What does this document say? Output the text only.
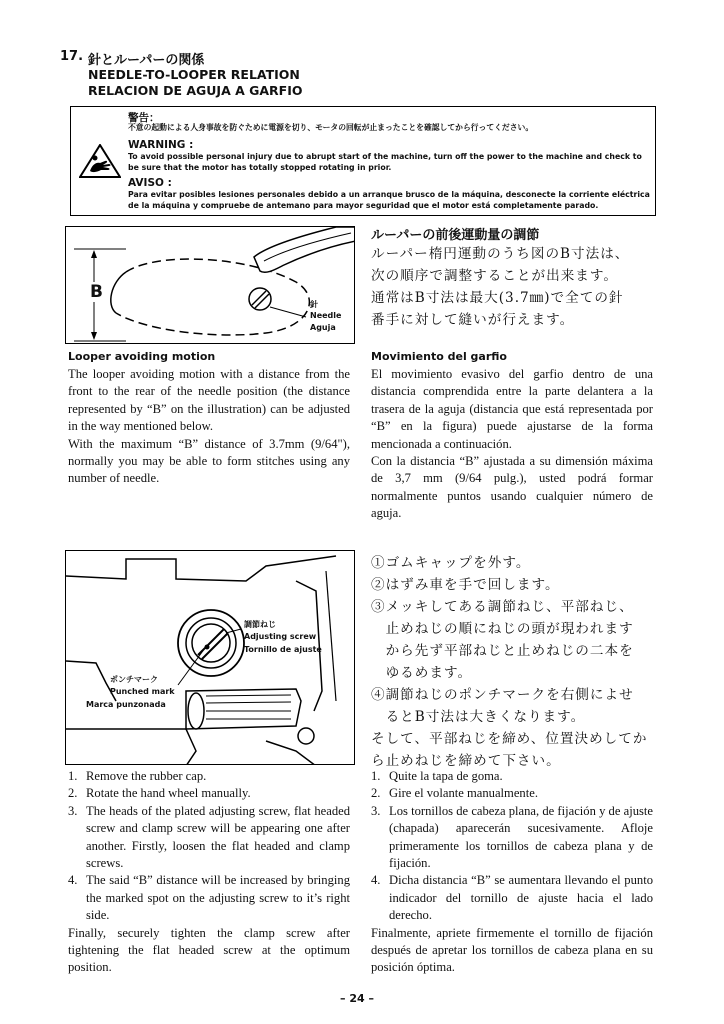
17. 針とルーパーの関係
NEEDLE-TO-LOOPER RELATION
RELACION DE AGUJA A GARFIO
警告：
不意の起動による人身事故を防ぐために電源を切り、モータの回転が止まったことを確認してから行ってください。
WARNING :
To avoid possible personal injury due to abrupt start of the machine, turn off the power to the machine and check to be sure that the motor has totally stopped rotating in prior.
AVISO :
Para evitar posibles lesiones personales debido a un arranque brusco de la máquina, desconecte la corriente eléctrica de la máquina y compruebe de antemano para mayor seguridad que el motor está completamente parado.
B
針
Needle
Aguja
ルーパーの前後運動量の調節
ルーパー楕円運動のうち図のB寸法は、
次の順序で調整することが出来ます。
通常はB寸法は最大(3.7㎜)で全ての針
番手に対して縫いが行えます。
Looper avoiding motion
The looper avoiding motion with a distance from the front to the rear of the needle position (the distance represented by “B” on the illustration) can be adjusted in the way mentioned below.
With the maximum “B” distance of 3.7mm (9/64"), normally you may be able to form stitches using any number of needle.
Movimiento del garfio
El movimiento evasivo del garfio dentro de una distancia comprendida entre la parte delantera a la trasera de la aguja (distancia que está representada por “B” en la figura) puede ajustarse de la forma mencionada a continuación.
Con la distancia “B” ajustada a su dimensión máxima de 3,7 mm (9/64 pulg.), usted podrá formar normalmente puntos usando cualquier número de aguja.
調節ねじ
Adjusting screw
Tornillo de ajuste
ポンチマーク
Punched mark
Marca punzonada
①ゴムキャップを外す。
②はずみ車を手で回します。
③メッキしてある調節ねじ、平部ねじ、
　止めねじの順にねじの頭が現われます
　から先ず平部ねじと止めねじの二本を
　ゆるめます。
④調節ねじのポンチマークを右側によせ
　るとB寸法は大きくなります。
そして、平部ねじを締め、位置決めしてか
ら止めねじを締めて下さい。
1. Remove the rubber cap.
2. Rotate the hand wheel manually.
3. The heads of the plated adjusting screw, flat headed screw and clamp screw will be appearing one after another. Firstly, loosen the flat headed and clamp screws.
4. The said “B” distance will be increased by bringing the marked spot on the adjusting screw to it’s right side.
Finally, securely tighten the clamp screw after tightening the flat headed screw at the optimum position.
1. Quite la tapa de goma.
2. Gire el volante manualmente.
3. Los tornillos de cabeza plana, de fijación y de ajuste (chapada) aparecerán sucesivamente. Afloje primeramente los tornillos de cabeza plana y de fijación.
4. Dicha distancia “B” se aumentara llevando el punto indicador del tornillo de ajuste hacia el lado derecho.
Finalmente, apriete firmemente el tornillo de fijación después de apretar los tornillos de cabeza plana en su posición óptima.
– 24 –
